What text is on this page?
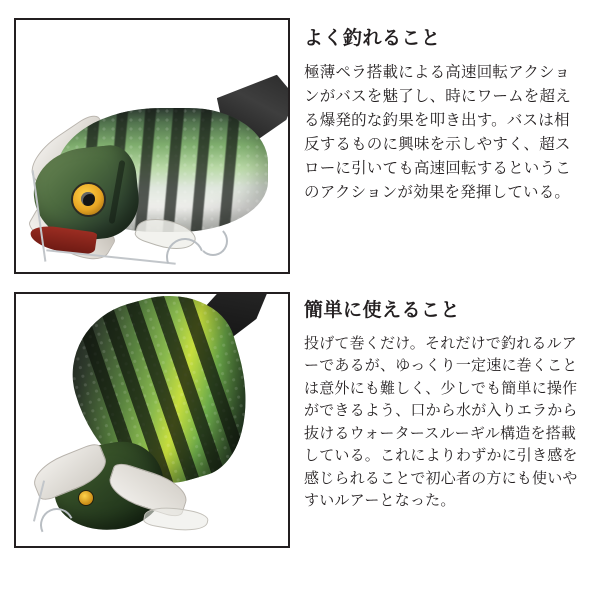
よく釣れること

極薄ペラ搭載による高速回転アクションがバスを魅了し、時にワームを超える爆発的な釣果を叩き出す。バスは相反するものに興味を示しやすく、超スローに引いても高速回転するというこのアクションが効果を発揮している。

簡単に使えること

投げて巻くだけ。それだけで釣れるルアーであるが、ゆっくり一定速に巻くことは意外にも難しく、少しでも簡単に操作ができるよう、口から水が入りエラから抜けるウォータースルーギル構造を搭載している。これによりわずかに引き感を感じられることで初心者の方にも使いやすいルアーとなった。
